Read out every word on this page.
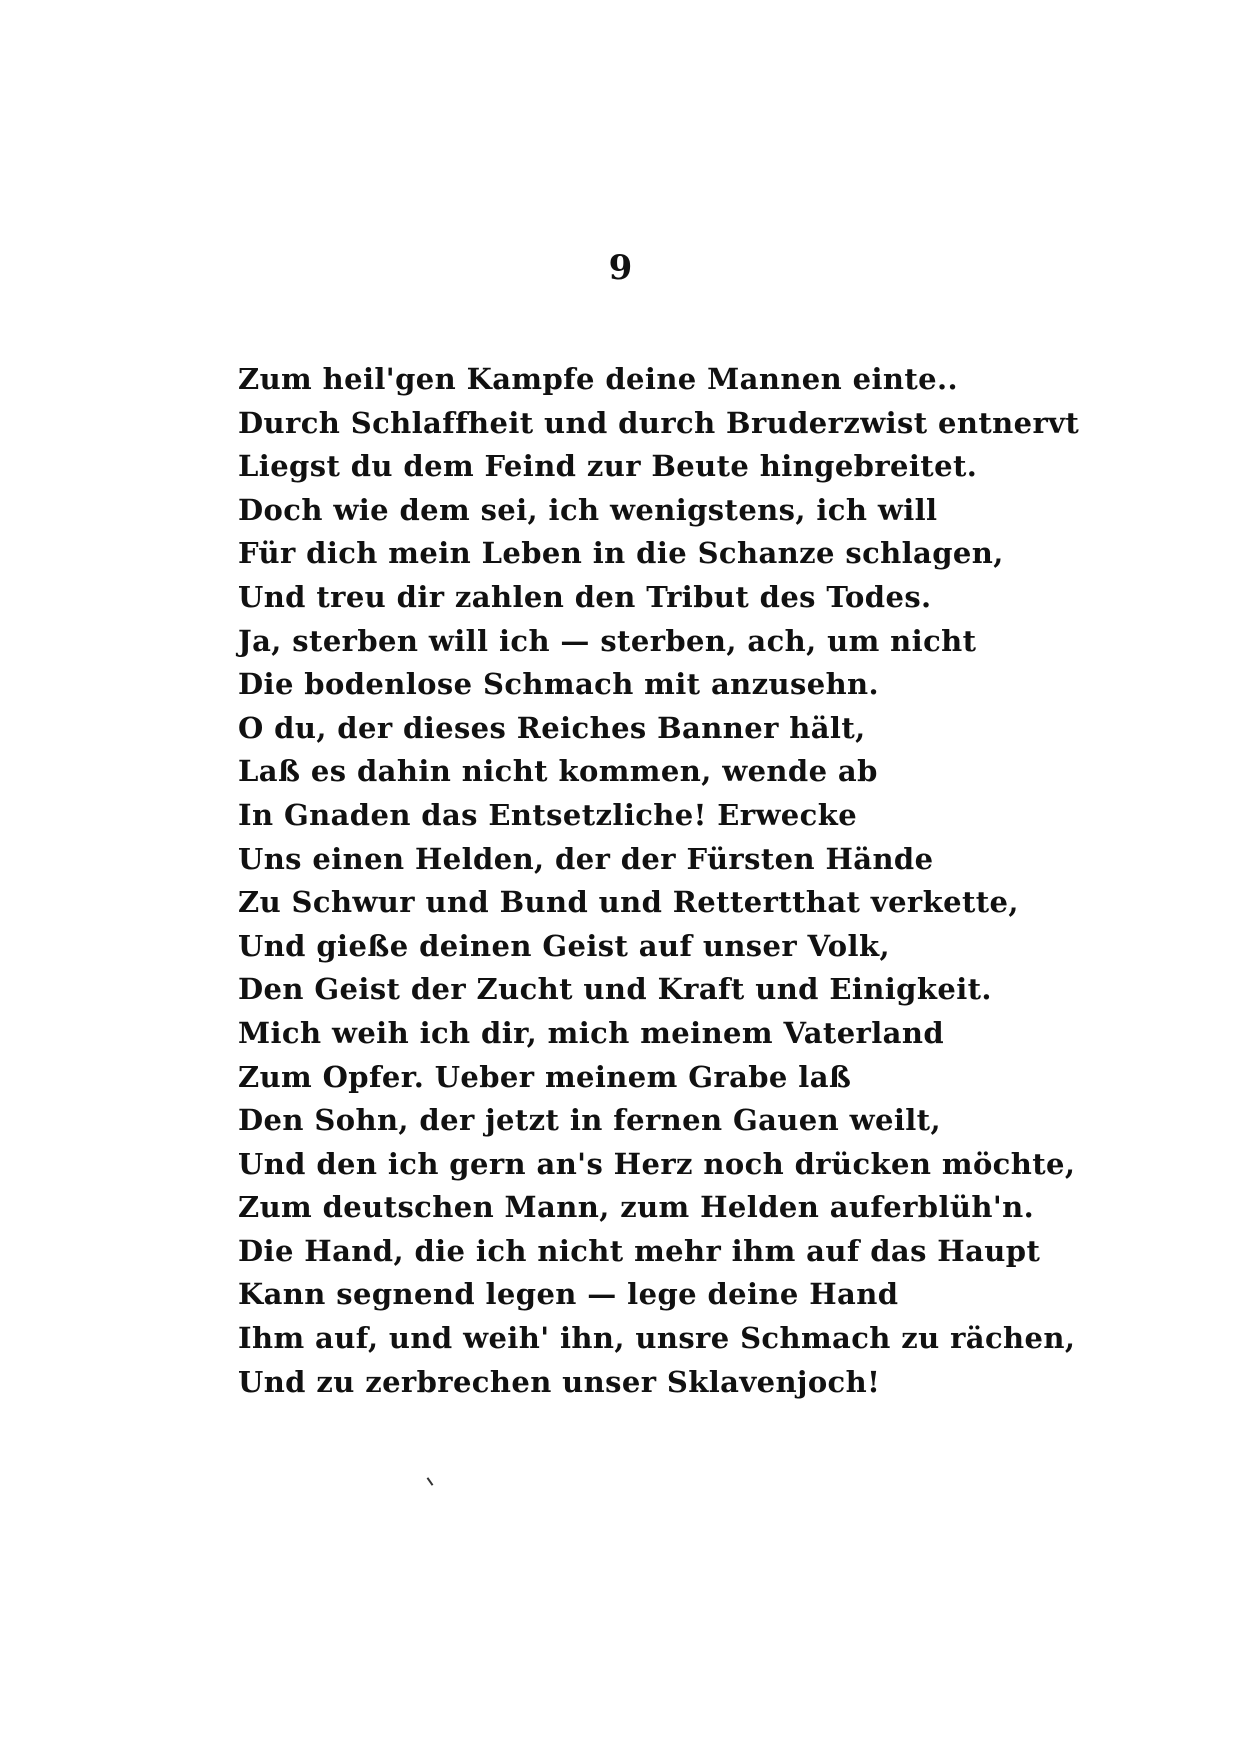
9
Zum heil'gen Kampfe deine Mannen einte..
Durch Schlaffheit und durch Bruderzwist entnervt
Liegst du dem Feind zur Beute hingebreitet.
Doch wie dem sei, ich wenigstens, ich will
Für dich mein Leben in die Schanze schlagen,
Und treu dir zahlen den Tribut des Todes.
Ja, sterben will ich — sterben, ach, um nicht
Die bodenlose Schmach mit anzusehn.
O du, der dieses Reiches Banner hält,
Laß es dahin nicht kommen, wende ab
In Gnaden das Entsetzliche! Erwecke
Uns einen Helden, der der Fürsten Hände
Zu Schwur und Bund und Rettertthat verkette,
Und gieße deinen Geist auf unser Volk,
Den Geist der Zucht und Kraft und Einigkeit.
Mich weih ich dir, mich meinem Vaterland
Zum Opfer. Ueber meinem Grabe laß
Den Sohn, der jetzt in fernen Gauen weilt,
Und den ich gern an's Herz noch drücken möchte,
Zum deutschen Mann, zum Helden auferblüh'n.
Die Hand, die ich nicht mehr ihm auf das Haupt
Kann segnend legen — lege deine Hand
Ihm auf, und weih' ihn, unsre Schmach zu rächen,
Und zu zerbrechen unser Sklavenjoch!
